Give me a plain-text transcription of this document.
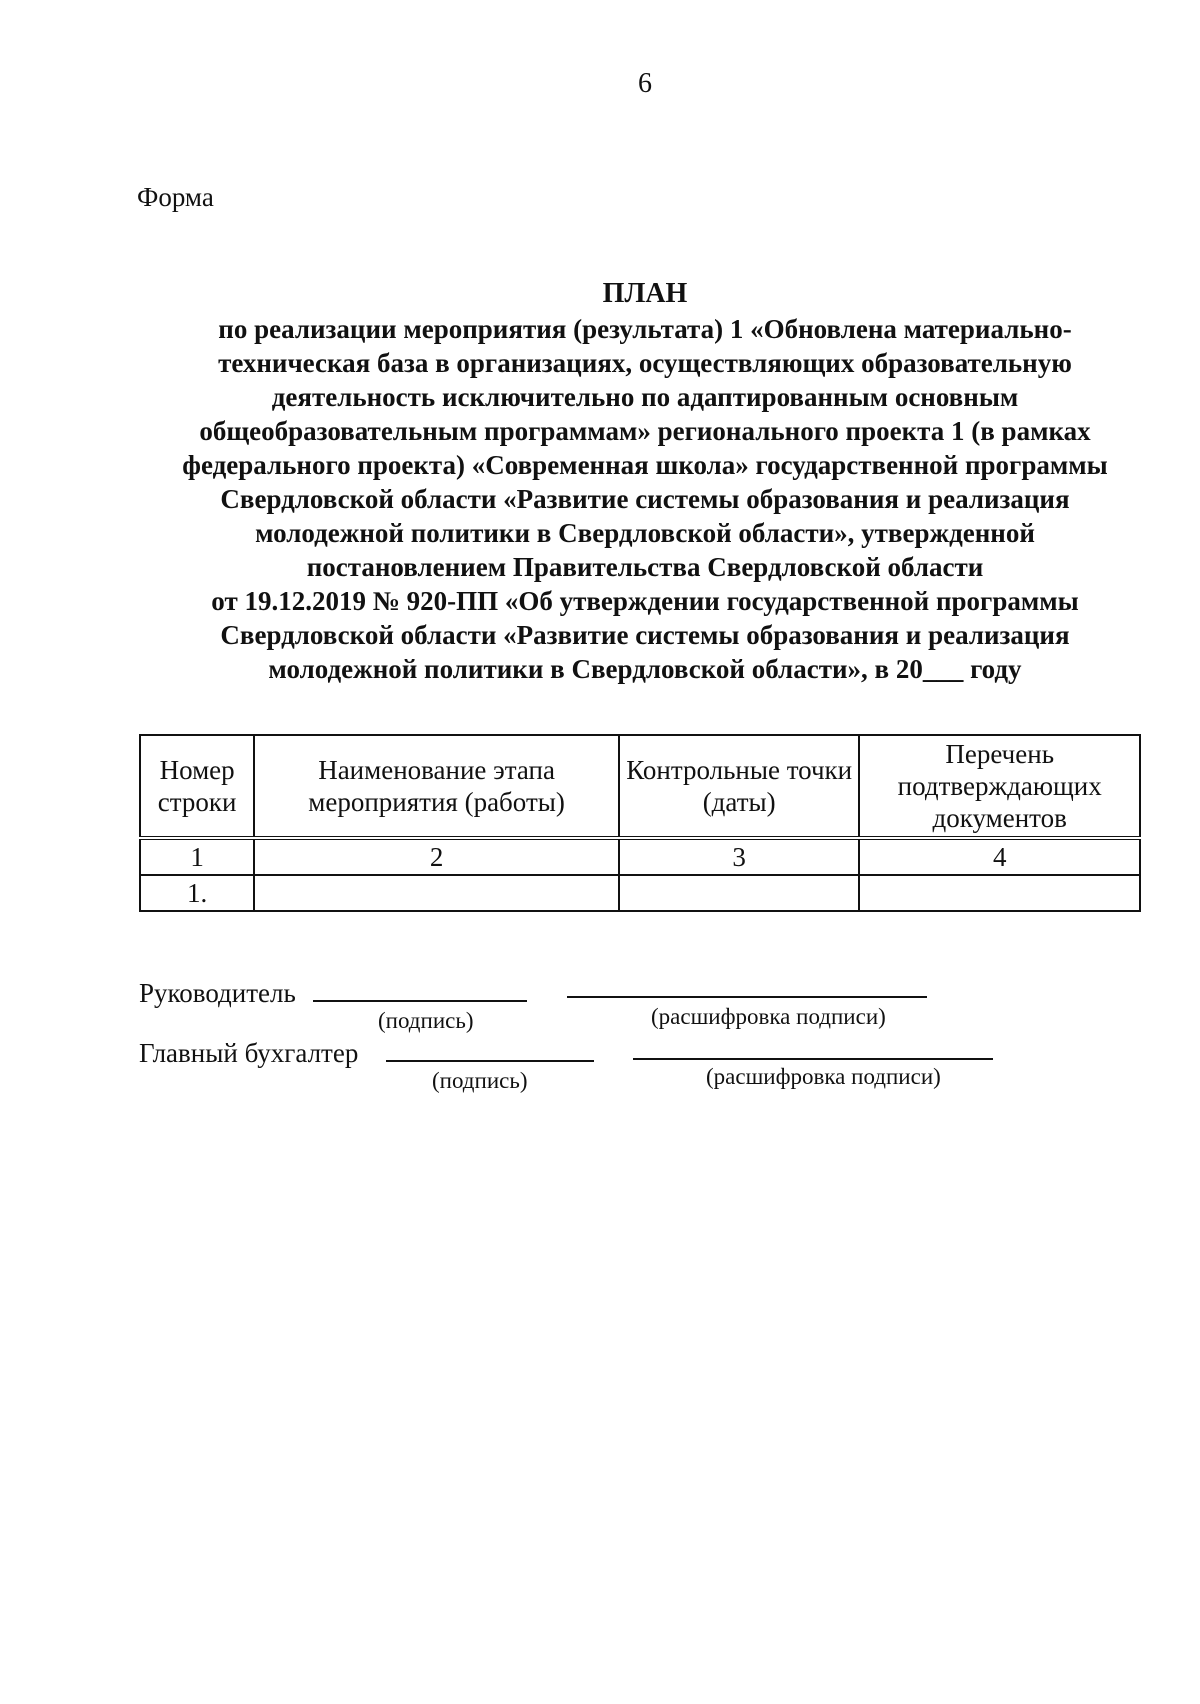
6
Форма
ПЛАН
по реализации мероприятия (результата) 1 «Обновлена материально-
техническая база в организациях, осуществляющих образовательную
деятельность исключительно по адаптированным основным
общеобразовательным программам» регионального проекта 1 (в рамках
федерального проекта) «Современная школа» государственной программы
Свердловской области «Развитие системы образования и реализация
молодежной политики в Свердловской области», утвержденной
постановлением Правительства Свердловской области
от 19.12.2019 № 920-ПП «Об утверждении государственной программы
Свердловской области «Развитие системы образования и реализация
молодежной политики в Свердловской области», в 20___ году
Номер строки	Наименование этапа мероприятия (работы)	Контрольные точки (даты)	Перечень подтверждающих документов
1	2	3	4
1.			
Руководитель
(подпись)	(расшифровка подписи)
Главный бухгалтер
(подпись)	(расшифровка подписи)
